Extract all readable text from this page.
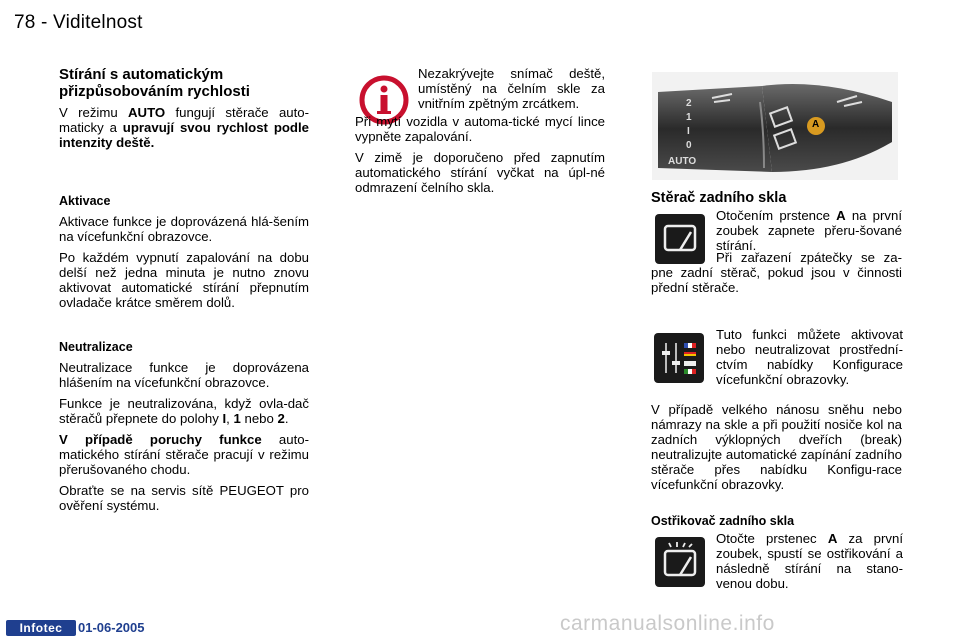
78 - Viditelnost
Stírání s automatickým
přizpůsobováním rychlosti

V režimu AUTO fungují stěrače auto-maticky a upravují svou rychlost podle intenzity deště.

Aktivace

Aktivace funkce je doprovázená hlá-šením na vícefunkční obrazovce.

Po každém vypnutí zapalování na dobu delší než jedna minuta je nutno znovu aktivovat automatické stírání přepnutím ovladače krátce směrem dolů.

Neutralizace

Neutralizace funkce je doprovázena hlášením na vícefunkční obrazovce.

Funkce je neutralizována, když ovla-dač stěračů přepnete do polohy I, 1 nebo 2.

V případě poruchy funkce auto-matického stírání stěrače pracují v režimu přerušovaného chodu.

Obraťte se na servis sítě PEUGEOT pro ověření systému.

Nezakrývejte snímač deště, umístěný na čelním skle za vnitřním zpětným zrcátkem.

Při mytí vozidla v automa-tické mycí lince vypněte zapalování.

V zimě je doporučeno před zapnutím automatického stírání vyčkat na úpl-né odmrazení čelního skla.

2
1
I
0
AUTO
A
Stěrač zadního skla

Otočením prstence A na první zoubek zapnete přeru-šované stírání.

Při zařazení zpátečky se za-pne zadní stěrač, pokud jsou v činnosti přední stěrače.

Tuto funkci můžete aktivovat nebo neutralizovat prostřední-ctvím nabídky Konfigurace vícefunkční obrazovky.

V případě velkého nánosu sněhu nebo námrazy na skle a při použití nosiče kol na zadních výklopných dveřích (break) neutralizujte automatické zapínání zadního stěrače přes nabídku Konfigu-race vícefunkční obrazovky.

Ostřikovač zadního skla

Otočte prstenec A za první zoubek, spustí se ostřikování a následně stírání na stano-venou dobu.

Infotec	01-06-2005	carmanualsonline.info
